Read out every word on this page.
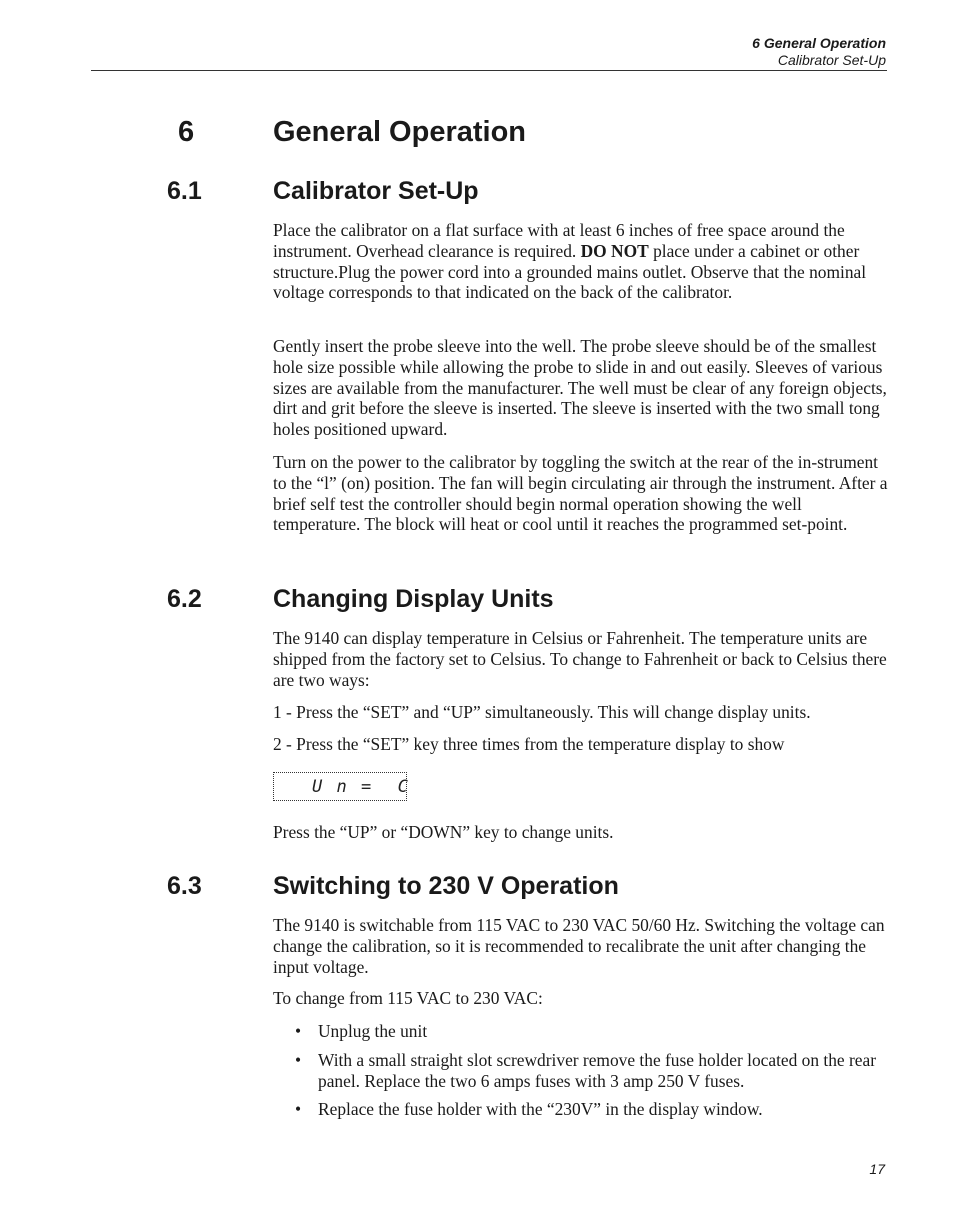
6 General Operation
Calibrator Set-Up
6	General Operation
6.1	Calibrator Set-Up

Place the calibrator on a flat surface with at least 6 inches of free space around the instrument. Overhead clearance is required. DO NOT place under a cabinet or other structure.Plug the power cord into a grounded mains outlet. Observe that the nominal voltage corresponds to that indicated on the back of the calibrator.

Gently insert the probe sleeve into the well. The probe sleeve should be of the smallest hole size possible while allowing the probe to slide in and out easily. Sleeves of various sizes are available from the manufacturer. The well must be clear of any foreign objects, dirt and grit before the sleeve is inserted. The sleeve is inserted with the two small tong holes positioned upward.

Turn on the power to the calibrator by toggling the switch at the rear of the in-strument to the “l” (on) position. The fan will begin circulating air through the instrument. After a brief self test the controller should begin normal operation showing the well temperature. The block will heat or cool until it reaches the programmed set-point.

6.2	Changing Display Units

The 9140 can display temperature in Celsius or Fahrenheit. The temperature units are shipped from the factory set to Celsius. To change to Fahrenheit or back to Celsius there are two ways:

1 - Press the “SET” and “UP” simultaneously. This will change display units.

2 - Press the “SET” key three times from the temperature display to show

U n =  C

Press the “UP” or “DOWN” key to change units.

6.3	Switching to 230 V Operation

The 9140 is switchable from 115 VAC to 230 VAC 50/60 Hz. Switching the voltage can change the calibration, so it is recommended to recalibrate the unit after changing the input voltage.

To change from 115 VAC to 230 VAC:

• Unplug the unit
• With a small straight slot screwdriver remove the fuse holder located on the rear panel. Replace the two 6 amps fuses with 3 amp 250 V fuses.
• Replace the fuse holder with the “230V” in the display window.
17
